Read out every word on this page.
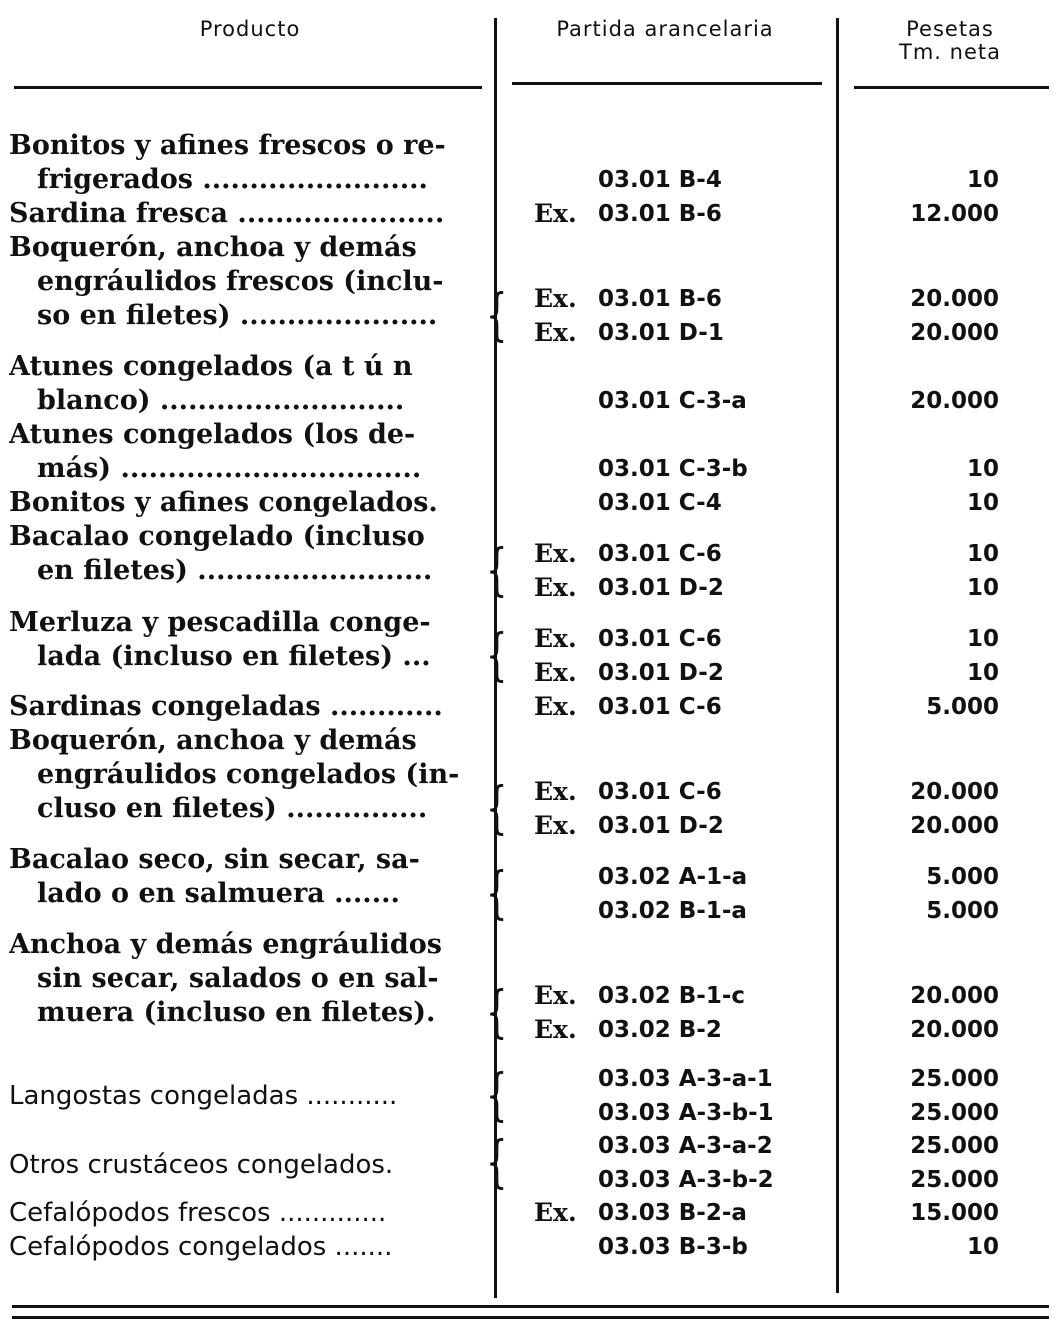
Producto	Partida arancelaria	Pesetas
Tm. neta
Bonitos y afines frescos o re-
frigerados ........................	03.01 B-4	10
Sardina fresca ......................	Ex. 03.01 B-6	12.000
Boquerón, anchoa y demás
engráulidos frescos (inclu-
so en filetes) ..................... { Ex. 03.01 B-6	20.000
Ex. 03.01 D-1	20.000
Atunes congelados (a t ú n
blanco) ..........................	03.01 C-3-a	20.000
Atunes congelados (los de-
más) ................................	03.01 C-3-b	10
Bonitos y afines congelados.	03.01 C-4	10
Bacalao congelado (incluso
en filetes) ......................... { Ex. 03.01 C-6	10
Ex. 03.01 D-2	10
Merluza y pescadilla conge-
lada (incluso en filetes) ... { Ex. 03.01 C-6	10
Ex. 03.01 D-2	10
Sardinas congeladas ............	Ex. 03.01 C-6	5.000
Boquerón, anchoa y demás
engráulidos congelados (in-
cluso en filetes) ...............	{ Ex. 03.01 C-6	20.000
Ex. 03.01 D-2	20.000
Bacalao seco, sin secar, sa-
lado o en salmuera .......	{	03.02 A-1-a	5.000
03.02 B-1-a	5.000
Anchoa y demás engráulidos
sin secar, salados o en sal-
muera (incluso en filetes). { Ex. 03.02 B-1-c	20.000
Ex. 03.02 B-2	20.000
Langostas congeladas ...........	{	03.03 A-3-a-1	25.000
03.03 A-3-b-1	25.000
Otros crustáceos congelados.	{	03.03 A-3-a-2	25.000
03.03 A-3-b-2	25.000
Cefalópodos frescos .............	Ex. 03.03 B-2-a	15.000
Cefalópodos congelados .......	03.03 B-3-b	10
